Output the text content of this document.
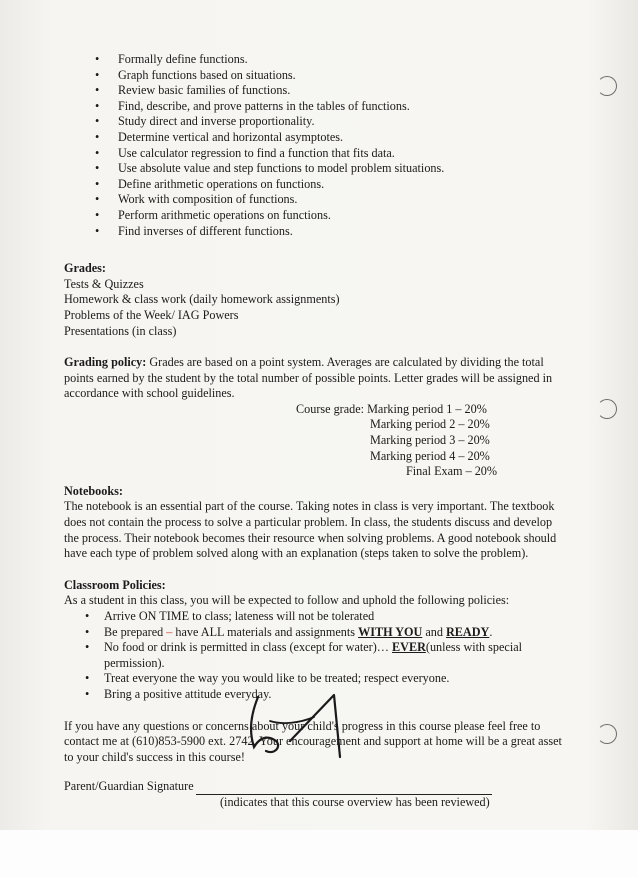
• Formally define functions.
• Graph functions based on situations.
• Review basic families of functions.
• Find, describe, and prove patterns in the tables of functions.
• Study direct and inverse proportionality.
• Determine vertical and horizontal asymptotes.
• Use calculator regression to find a function that fits data.
• Use absolute value and step functions to model problem situations.
• Define arithmetic operations on functions.
• Work with composition of functions.
• Perform arithmetic operations on functions.
• Find inverses of different functions.
Grades:
Tests & Quizzes
Homework & class work (daily homework assignments)
Problems of the Week/ IAG Powers
Presentations (in class)

Grading policy: Grades are based on a point system. Averages are calculated by dividing the total points earned by the student by the total number of possible points. Letter grades will be assigned in accordance with school guidelines.

Course grade: Marking period 1 – 20%
Marking period 2 – 20%
Marking period 3 – 20%
Marking period 4 – 20%
Final Exam – 20%
Notebooks:

The notebook is an essential part of the course. Taking notes in class is very important. The textbook does not contain the process to solve a particular problem. In class, the students discuss and develop the process. Their notebook becomes their resource when solving problems. A good notebook should have each type of problem solved along with an explanation (steps taken to solve the problem).

Classroom Policies:
As a student in this class, you will be expected to follow and uphold the following policies:
• Arrive ON TIME to class; lateness will not be tolerated
• Be prepared – have ALL materials and assignments WITH YOU and READY.
• No food or drink is permitted in class (except for water)… EVER(unless with special permission).
• Treat everyone the way you would like to be treated; respect everyone.
• Bring a positive attitude everyday.

If you have any questions or concerns about your child's progress in this course please feel free to contact me at (610)853-5900 ext. 2742. Your encouragement and support at home will be a great asset to your child's success in this course!

Parent/Guardian Signature
(indicates that this course overview has been reviewed)
